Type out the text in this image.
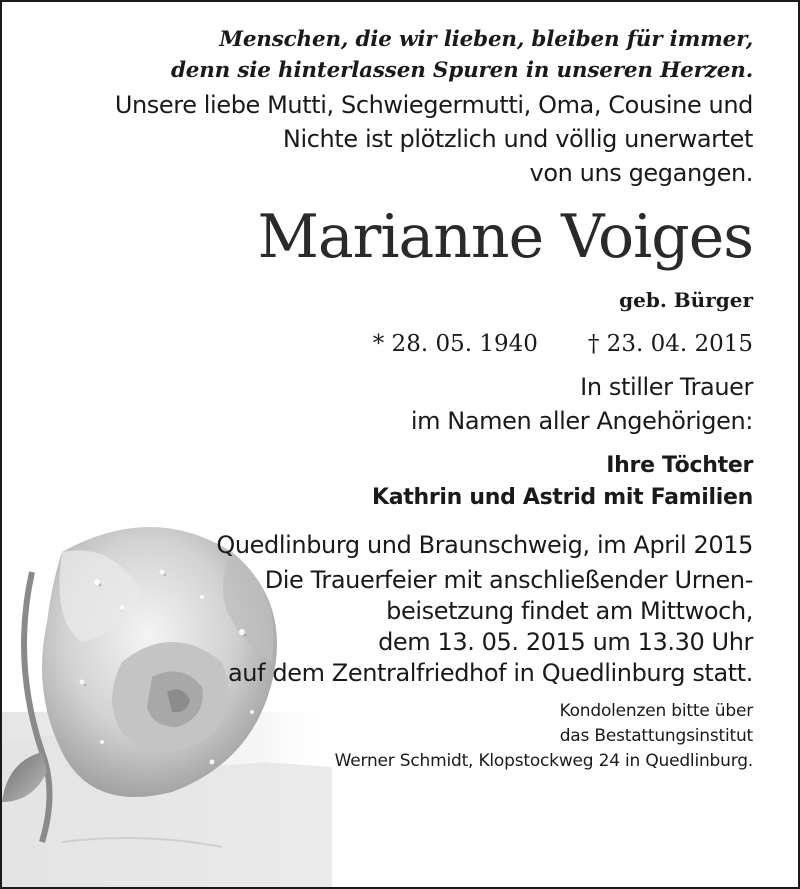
Menschen, die wir lieben, bleiben für immer,
denn sie hinterlassen Spuren in unseren Herzen.

Unsere liebe Mutti, Schwiegermutti, Oma, Cousine und
Nichte ist plötzlich und völlig unerwartet
von uns gegangen.

Marianne Voiges
geb. Bürger
* 28. 05. 1940 † 23. 04. 2015
In stiller Trauer
im Namen aller Angehörigen:
Ihre Töchter
Kathrin und Astrid mit Familien
Quedlinburg und Braunschweig, im April 2015
Die Trauerfeier mit anschließender Urnen-
beisetzung findet am Mittwoch,
dem 13. 05. 2015 um 13.30 Uhr
auf dem Zentralfriedhof in Quedlinburg statt.
Kondolenzen bitte über
das Bestattungsinstitut
Werner Schmidt, Klopstockweg 24 in Quedlinburg.
